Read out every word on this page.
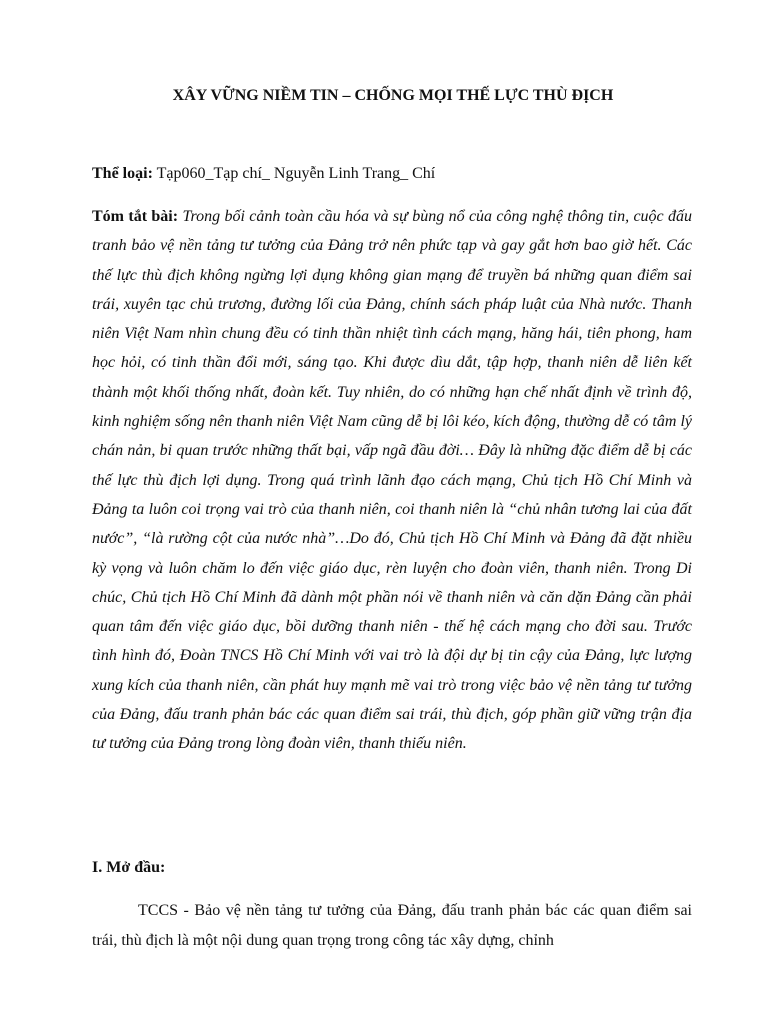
XÂY VỮNG NIỀM TIN – CHỐNG MỌI THẾ LỰC THÙ ĐỊCH
Thể loại: Tạp060_Tạp chí_ Nguyễn Linh Trang_ Chí
Tóm tắt bài: Trong bối cảnh toàn cầu hóa và sự bùng nổ của công nghệ thông tin, cuộc đấu tranh bảo vệ nền tảng tư tưởng của Đảng trở nên phức tạp và gay gắt hơn bao giờ hết. Các thế lực thù địch không ngừng lợi dụng không gian mạng để truyền bá những quan điểm sai trái, xuyên tạc chủ trương, đường lối của Đảng, chính sách pháp luật của Nhà nước. Thanh niên Việt Nam nhìn chung đều có tinh thần nhiệt tình cách mạng, hăng hái, tiên phong, ham học hỏi, có tinh thần đổi mới, sáng tạo. Khi được dìu dắt, tập hợp, thanh niên dễ liên kết thành một khối thống nhất, đoàn kết. Tuy nhiên, do có những hạn chế nhất định về trình độ, kinh nghiệm sống nên thanh niên Việt Nam cũng dễ bị lôi kéo, kích động, thường dễ có tâm lý chán nản, bi quan trước những thất bại, vấp ngã đầu đời… Đây là những đặc điểm dễ bị các thế lực thù địch lợi dụng. Trong quá trình lãnh đạo cách mạng, Chủ tịch Hồ Chí Minh và Đảng ta luôn coi trọng vai trò của thanh niên, coi thanh niên là “chủ nhân tương lai của đất nước”, “là rường cột của nước nhà”…Do đó, Chủ tịch Hồ Chí Minh và Đảng đã đặt nhiều kỳ vọng và luôn chăm lo đến việc giáo dục, rèn luyện cho đoàn viên, thanh niên. Trong Di chúc, Chủ tịch Hồ Chí Minh đã dành một phần nói về thanh niên và căn dặn Đảng cần phải quan tâm đến việc giáo dục, bồi dưỡng thanh niên - thế hệ cách mạng cho đời sau. Trước tình hình đó, Đoàn TNCS Hồ Chí Minh với vai trò là đội dự bị tin cậy của Đảng, lực lượng xung kích của thanh niên, cần phát huy mạnh mẽ vai trò trong việc bảo vệ nền tảng tư tưởng của Đảng, đấu tranh phản bác các quan điểm sai trái, thù địch, góp phần giữ vững trận địa tư tưởng của Đảng trong lòng đoàn viên, thanh thiếu niên.
I. Mở đầu:
TCCS - Bảo vệ nền tảng tư tưởng của Đảng, đấu tranh phản bác các quan điểm sai trái, thù địch là một nội dung quan trọng trong công tác xây dựng, chỉnh
